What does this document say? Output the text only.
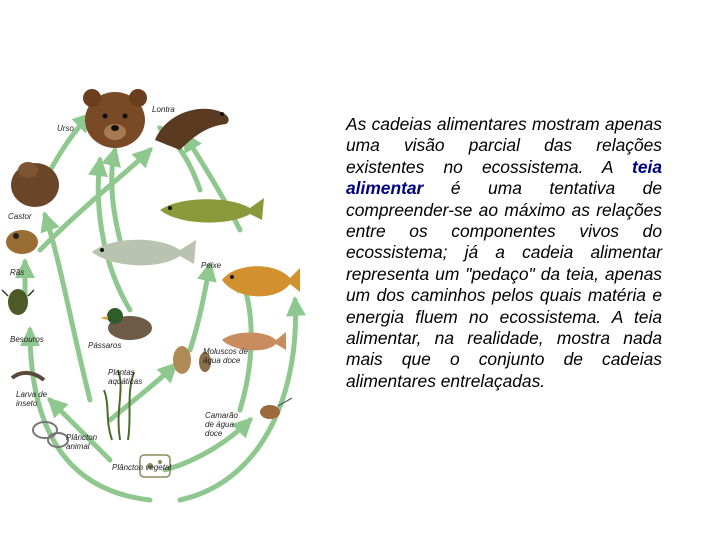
Urso
Lontra
Castor
Rãs
Besouros
Larva de
inseto
Pássaros
Peixe
Plantas
aquáticas
Moluscos de
água doce
Camarão
de água
doce
Plâncton
animal
Plâncton vegetal

As cadeias alimentares mostram apenas uma visão parcial das relações existentes no ecossistema. A teia alimentar é uma tentativa de compreender-se ao máximo as relações entre os componentes vivos do ecossistema; já a cadeia alimentar representa um "pedaço" da teia, apenas um dos caminhos pelos quais matéria e energia fluem no ecossistema. A teia alimentar, na realidade, mostra nada mais que o conjunto de cadeias alimentares entrelaçadas.
